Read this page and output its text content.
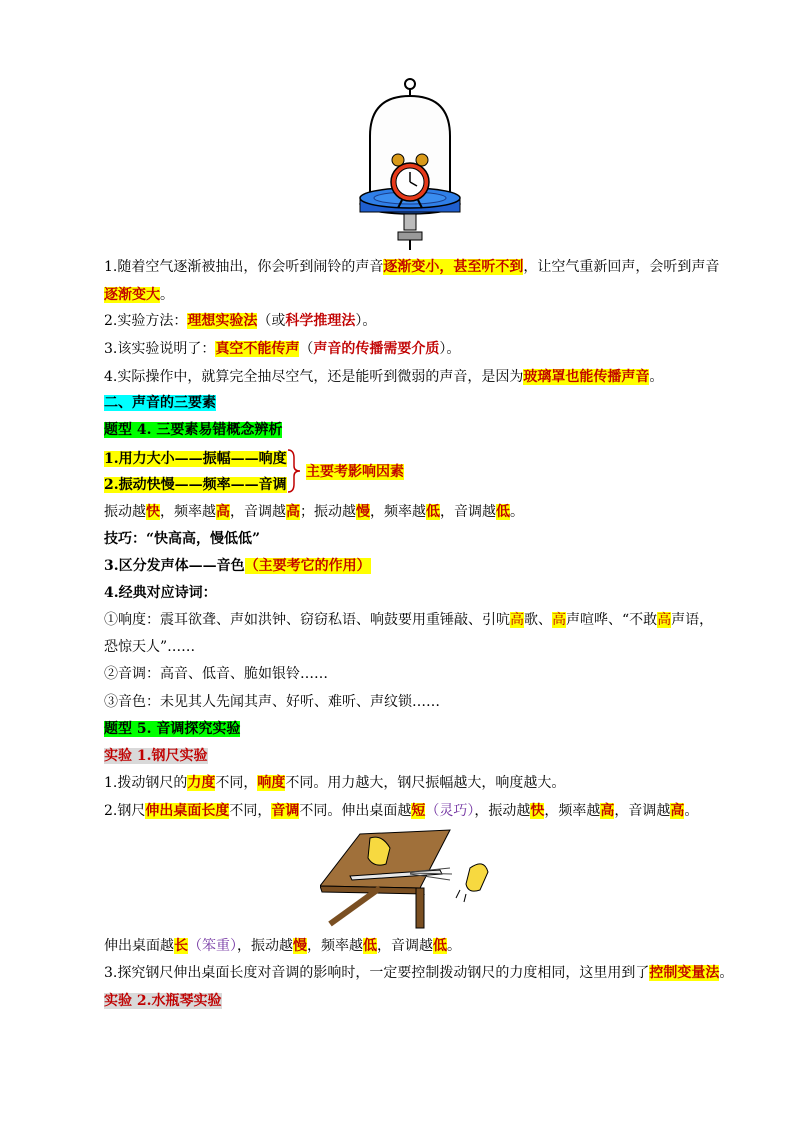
1.随着空气逐渐被抽出，你会听到闹铃的声音逐渐变小，甚至听不到，让空气重新回声，会听到声音
逐渐变大。
2.实验方法：理想实验法（或科学推理法）。
3.该实验说明了：真空不能传声（声音的传播需要介质）。
4.实际操作中，就算完全抽尽空气，还是能听到微弱的声音，是因为玻璃罩也能传播声音。
二、声音的三要素
题型 4. 三要素易错概念辨析
1.用力大小——振幅——响度
2.振动快慢——频率——音调
主要考影响因素
振动越快，频率越高，音调越高；振动越慢，频率越低，音调越低。
技巧：“快高高，慢低低”
3.区分发声体——音色（主要考它的作用）
4.经典对应诗词：
①响度：震耳欲聋、声如洪钟、窃窃私语、响鼓要用重锤敲、引吭高歌、高声喧哗、“不敢高声语，
恐惊天人”……
②音调：高音、低音、脆如银铃……
③音色：未见其人先闻其声、好听、难听、声纹锁……
题型 5. 音调探究实验
实验 1.钢尺实验
1.拨动钢尺的力度不同，响度不同。用力越大，钢尺振幅越大，响度越大。
2.钢尺伸出桌面长度不同，音调不同。伸出桌面越短（灵巧），振动越快，频率越高，音调越高。
伸出桌面越长（笨重），振动越慢，频率越低，音调越低。
3.探究钢尺伸出桌面长度对音调的影响时，一定要控制拨动钢尺的力度相同，这里用到了控制变量法。
实验 2.水瓶琴实验
